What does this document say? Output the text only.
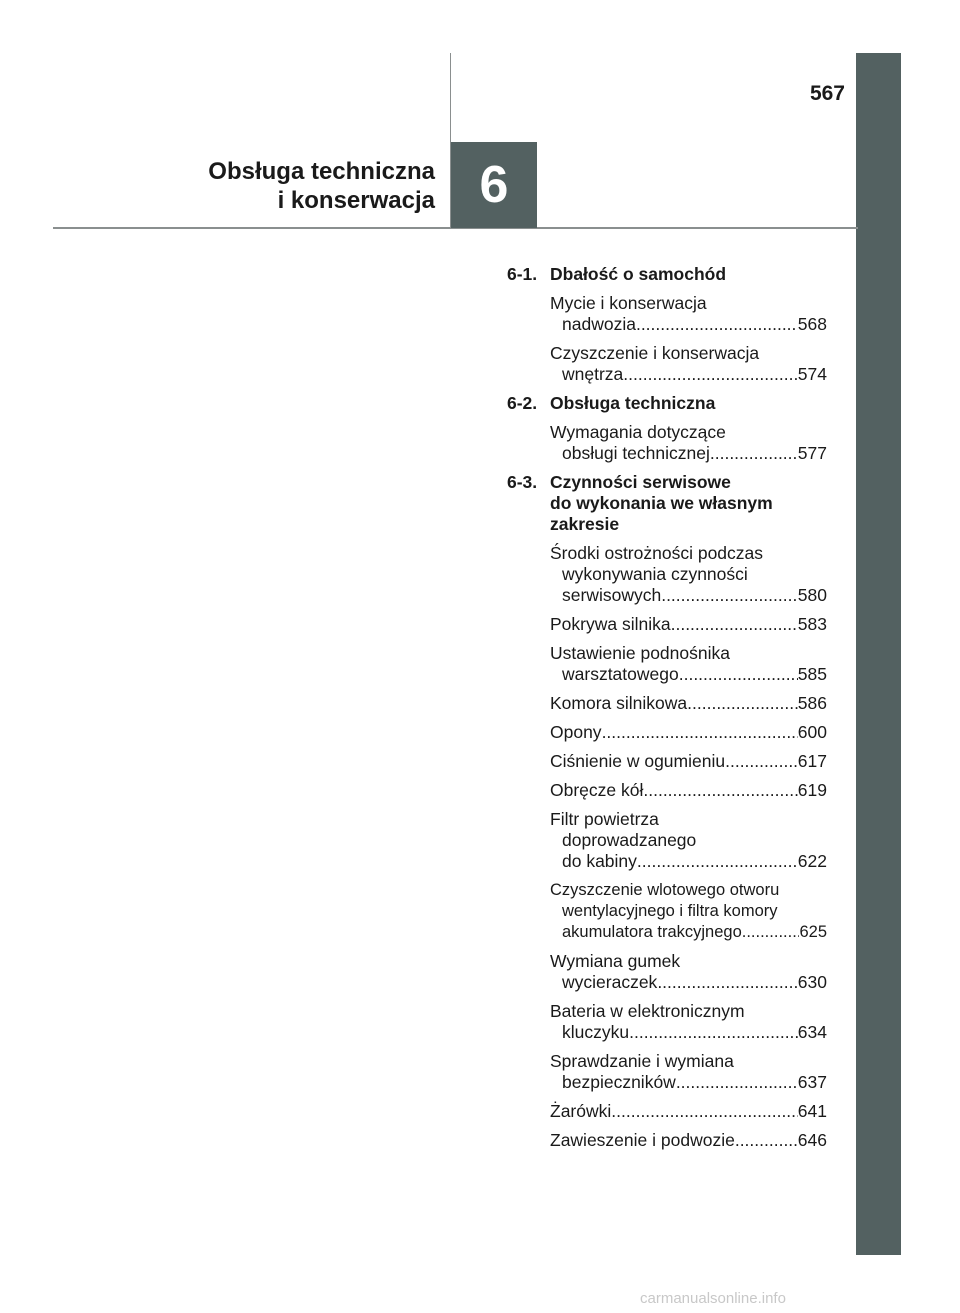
567
6
Obsługa techniczna
i konserwacja
6-1. Dbałość o samochód
Mycie i konserwacja
nadwozia .....	568
Czyszczenie i konserwacja
wnętrza .....	574
6-2. Obsługa techniczna
Wymagania dotyczące
obsługi technicznej .....	577
6-3. Czynności serwisowe
do wykonania we własnym
zakresie
Środki ostrożności podczas
wykonywania czynności
serwisowych .....	580
Pokrywa silnika .....	583
Ustawienie podnośnika
warsztatowego .....	585
Komora silnikowa .....	586
Opony .....	600
Ciśnienie w ogumieniu .....	617
Obręcze kół .....	619
Filtr powietrza
doprowadzanego
do kabiny .....	622
Czyszczenie wlotowego otworu
wentylacyjnego i filtra komory
akumulatora trakcyjnego .....	625
Wymiana gumek
wycieraczek .....	630
Bateria w elektronicznym
kluczyku .....	634
Sprawdzanie i wymiana
bezpieczników .....	637
Żarówki .....	641
Zawieszenie i podwozie .....	646
carmanualsonline.info
